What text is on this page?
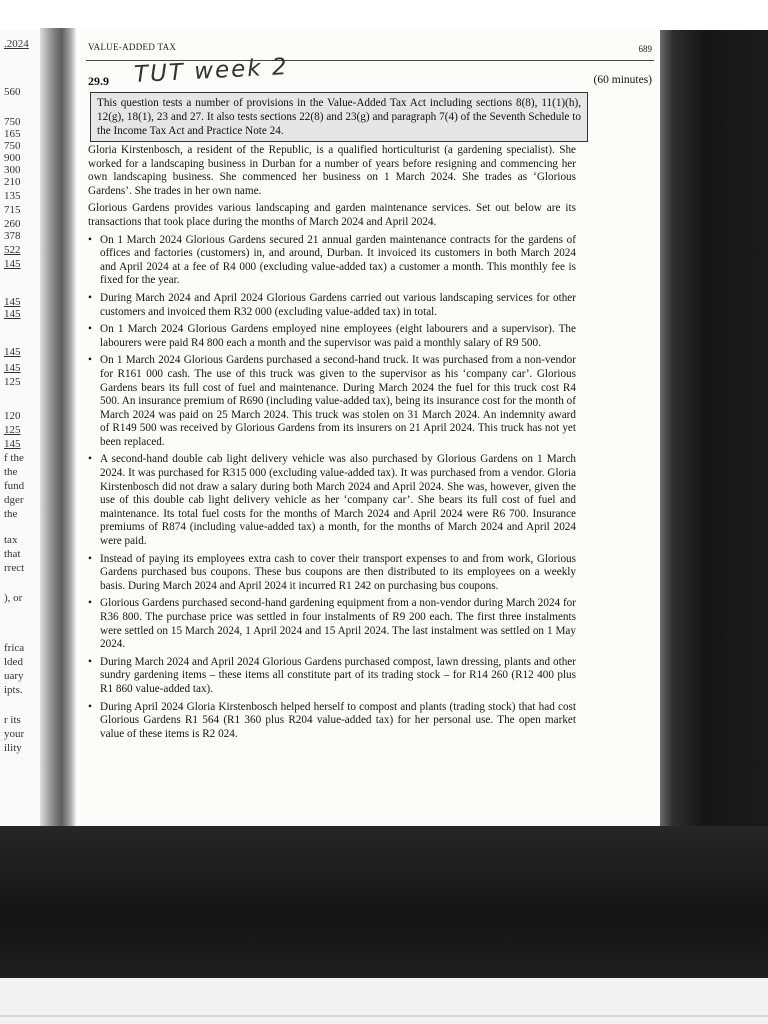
.2024
560
750
165
750
900
300
210
135
715
260
378
522
145
145
145
145
145
125
120
125
145
f the
the
fund
dger
the
tax
that
rrect
), or
frica
lded
uary
ipts.
r its
your
ility
VALUE-ADDED TAX	689
29.9 TUT week 2	(60 minutes)
This question tests a number of provisions in the Value-Added Tax Act including sections 8(8), 11(1)(h), 12(g), 18(1), 23 and 27. It also tests sections 22(8) and 23(g) and paragraph 7(4) of the Seventh Schedule to the Income Tax Act and Practice Note 24.

Gloria Kirstenbosch, a resident of the Republic, is a qualified horticulturist (a gardening specialist). She worked for a landscaping business in Durban for a number of years before resigning and commencing her own landscaping business. She commenced her business on 1 March 2024. She trades as ‘Glorious Gardens’. She trades in her own name.

Glorious Gardens provides various landscaping and garden maintenance services. Set out below are its transactions that took place during the months of March 2024 and April 2024.

• On 1 March 2024 Glorious Gardens secured 21 annual garden maintenance contracts for the gardens of offices and factories (customers) in, and around, Durban. It invoiced its customers in both March 2024 and April 2024 at a fee of R4 000 (excluding value-added tax) a customer a month. This monthly fee is fixed for the year.
• During March 2024 and April 2024 Glorious Gardens carried out various landscaping services for other customers and invoiced them R32 000 (excluding value-added tax) in total.
• On 1 March 2024 Glorious Gardens employed nine employees (eight labourers and a supervisor). The labourers were paid R4 800 each a month and the supervisor was paid a monthly salary of R9 500.
• On 1 March 2024 Glorious Gardens purchased a second-hand truck. It was purchased from a non-vendor for R161 000 cash. The use of this truck was given to the supervisor as his ‘company car’. Glorious Gardens bears its full cost of fuel and maintenance. During March 2024 the fuel for this truck cost R4 500. An insurance premium of R690 (including value-added tax), being its insurance cost for the month of March 2024 was paid on 25 March 2024. This truck was stolen on 31 March 2024. An indemnity award of R149 500 was received by Glorious Gardens from its insurers on 21 April 2024. This truck has not yet been replaced.
• A second-hand double cab light delivery vehicle was also purchased by Glorious Gardens on 1 March 2024. It was purchased for R315 000 (excluding value-added tax). It was purchased from a vendor. Gloria Kirstenbosch did not draw a salary during both March 2024 and April 2024. She was, however, given the use of this double cab light delivery vehicle as her ‘company car’. She bears its full cost of fuel and maintenance. Its total fuel costs for the months of March 2024 and April 2024 were R6 700. Insurance premiums of R874 (including value-added tax) a month, for the months of March 2024 and April 2024 were paid.
• Instead of paying its employees extra cash to cover their transport expenses to and from work, Glorious Gardens purchased bus coupons. These bus coupons are then distributed to its employees on a weekly basis. During March 2024 and April 2024 it incurred R1 242 on purchasing bus coupons.
• Glorious Gardens purchased second-hand gardening equipment from a non-vendor during March 2024 for R36 800. The purchase price was settled in four instalments of R9 200 each. The first three instalments were settled on 15 March 2024, 1 April 2024 and 15 April 2024. The last instalment was settled on 1 May 2024.
• During March 2024 and April 2024 Glorious Gardens purchased compost, lawn dressing, plants and other sundry gardening items – these items all constitute part of its trading stock – for R14 260 (R12 400 plus R1 860 value-added tax).
• During April 2024 Gloria Kirstenbosch helped herself to compost and plants (trading stock) that had cost Glorious Gardens R1 564 (R1 360 plus R204 value-added tax) for her personal use. The open market value of these items is R2 024.
